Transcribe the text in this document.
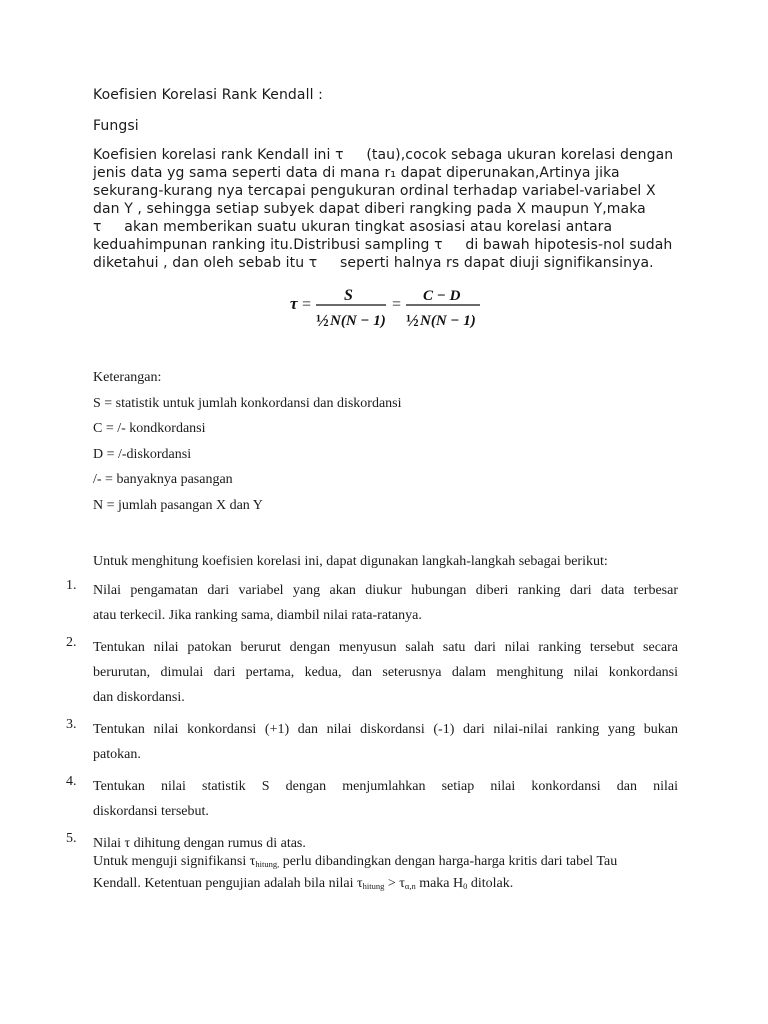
Koefisien Korelasi Rank Kendall :
Fungsi
Koefisien korelasi rank Kendall ini τ     (tau),cocok sebaga ukuran korelasi dengan
jenis data yg sama seperti data di mana r₁ dapat diperunakan,Artinya jika
sekurang-kurang nya tercapai pengukuran ordinal terhadap variabel-variabel X
dan Y , sehingga setiap subyek dapat diberi rangking pada X maupun Y,maka
τ     akan memberikan suatu ukuran tingkat asosiasi atau korelasi antara
keduahimpunan ranking itu.Distribusi sampling τ     di bawah hipotesis-nol sudah
diketahui , dan oleh sebab itu τ     seperti halnya rs dapat diuji signifikansinya.
τ =
S
½ N(N − 1)
= C − D
½ N(N − 1)
Keterangan:
S = statistik untuk jumlah konkordansi dan diskordansi
C = /- kondkordansi
D = /-diskordansi
/- = banyaknya pasangan
N = jumlah pasangan X dan Y
Untuk menghitung koefisien korelasi ini, dapat digunakan langkah-langkah sebagai berikut:
1.	Nilai pengamatan dari variabel yang akan diukur hubungan diberi ranking dari data terbesar
atau terkecil. Jika ranking sama, diambil nilai rata-ratanya.
2.	Tentukan nilai patokan berurut dengan menyusun salah satu dari nilai ranking tersebut secara
berurutan, dimulai dari pertama, kedua, dan seterusnya dalam menghitung nilai konkordansi
dan diskordansi.
3.	Tentukan nilai konkordansi (+1) dan nilai diskordansi (-1) dari nilai-nilai ranking yang bukan
patokan.
4.	Tentukan nilai statistik S dengan menjumlahkan setiap nilai konkordansi dan nilai
diskordansi tersebut.
5.	Nilai τ dihitung dengan rumus di atas.
Untuk menguji signifikansi $\tau_{hitung,}$ perlu dibandingkan dengan harga-harga kritis dari tabel Tau
Kendall. Ketentuan pengujian adalah bila nilai $\tau_{hitung} > \tau_{\alpha,n}$ maka $H_0$ ditolak.
